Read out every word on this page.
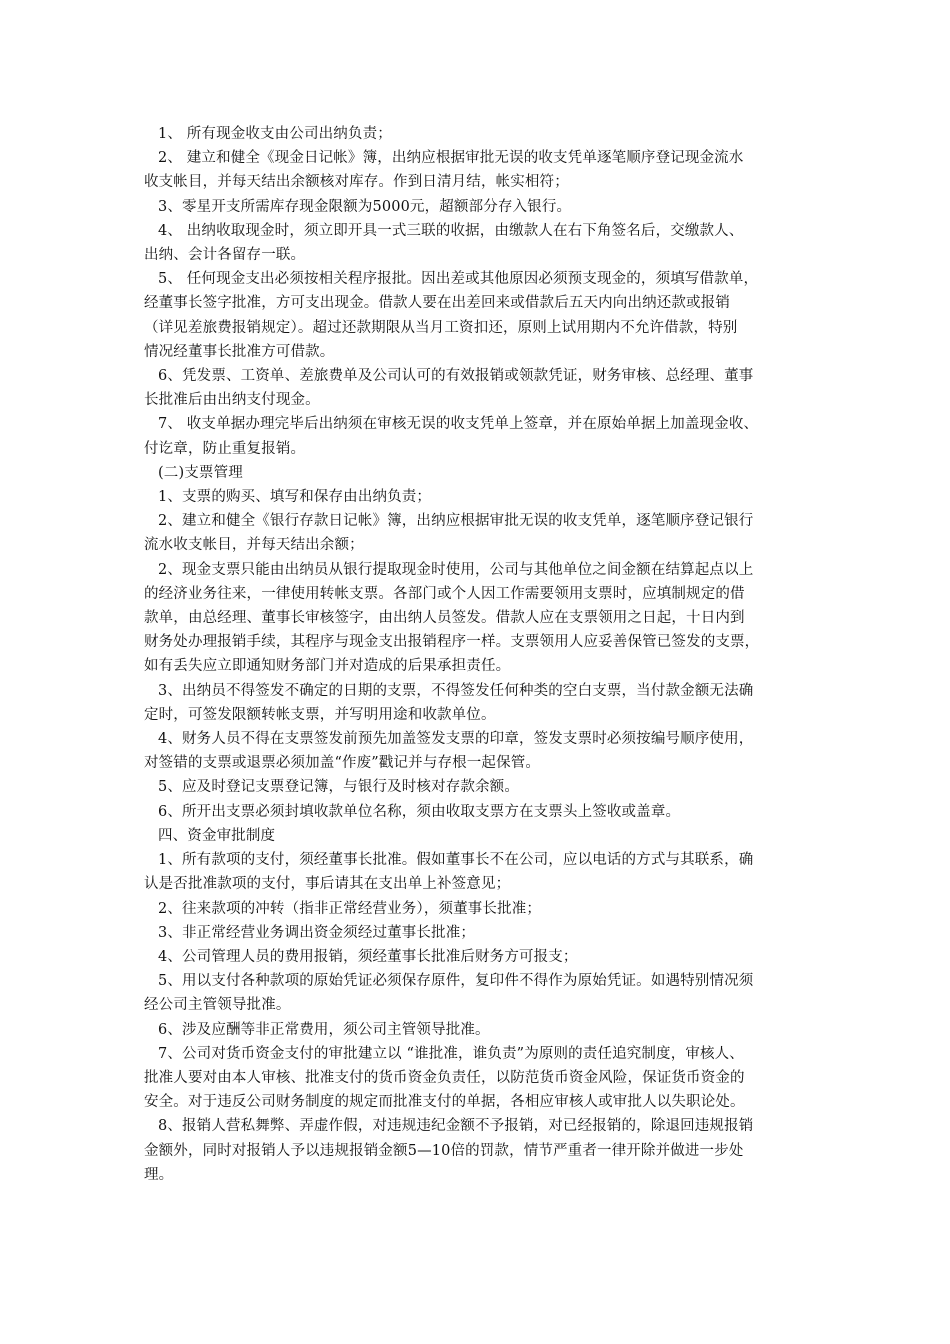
1、 所有现金收支由公司出纳负责；
2、 建立和健全《现金日记帐》簿，出纳应根据审批无误的收支凭单逐笔顺序登记现金流水
收支帐目，并每天结出余额核对库存。作到日清月结，帐实相符；
3、零星开支所需库存现金限额为5000元，超额部分存入银行。
4、 出纳收取现金时，须立即开具一式三联的收据，由缴款人在右下角签名后，交缴款人、
出纳、会计各留存一联。
5、 任何现金支出必须按相关程序报批。因出差或其他原因必须预支现金的，须填写借款单，
经董事长签字批准，方可支出现金。借款人要在出差回来或借款后五天内向出纳还款或报销
（详见差旅费报销规定）。超过还款期限从当月工资扣还，原则上试用期内不允许借款，特别
情况经董事长批准方可借款。
6、凭发票、工资单、差旅费单及公司认可的有效报销或领款凭证，财务审核、总经理、董事
长批准后由出纳支付现金。
7、 收支单据办理完毕后出纳须在审核无误的收支凭单上签章，并在原始单据上加盖现金收、
付讫章，防止重复报销。
(二)支票管理
1、支票的购买、填写和保存由出纳负责；
2、建立和健全《银行存款日记帐》簿，出纳应根据审批无误的收支凭单，逐笔顺序登记银行
流水收支帐目，并每天结出余额；
2、现金支票只能由出纳员从银行提取现金时使用，公司与其他单位之间金额在结算起点以上
的经济业务往来，一律使用转帐支票。各部门或个人因工作需要领用支票时，应填制规定的借
款单，由总经理、董事长审核签字，由出纳人员签发。借款人应在支票领用之日起，十日内到
财务处办理报销手续，其程序与现金支出报销程序一样。支票领用人应妥善保管已签发的支票，
如有丢失应立即通知财务部门并对造成的后果承担责任。
3、出纳员不得签发不确定的日期的支票，不得签发任何种类的空白支票，当付款金额无法确
定时，可签发限额转帐支票，并写明用途和收款单位。
4、财务人员不得在支票签发前预先加盖签发支票的印章，签发支票时必须按编号顺序使用，
对签错的支票或退票必须加盖“作废”戳记并与存根一起保管。
5、应及时登记支票登记簿，与银行及时核对存款余额。
6、所开出支票必须封填收款单位名称，须由收取支票方在支票头上签收或盖章。
四、资金审批制度
1、所有款项的支付，须经董事长批准。假如董事长不在公司，应以电话的方式与其联系，确
认是否批准款项的支付，事后请其在支出单上补签意见；
2、往来款项的冲转（指非正常经营业务），须董事长批准；
3、非正常经营业务调出资金须经过董事长批准；
4、公司管理人员的费用报销，须经董事长批准后财务方可报支；
5、用以支付各种款项的原始凭证必须保存原件，复印件不得作为原始凭证。如遇特别情况须
经公司主管领导批准。
6、涉及应酬等非正常费用，须公司主管领导批准。
7、公司对货币资金支付的审批建立以 “谁批准，谁负责”为原则的责任追究制度，审核人、
批准人要对由本人审核、批准支付的货币资金负责任，以防范货币资金风险，保证货币资金的
安全。对于违反公司财务制度的规定而批准支付的单据，各相应审核人或审批人以失职论处。
8、报销人营私舞弊、弄虚作假，对违规违纪金额不予报销，对已经报销的，除退回违规报销
金额外，同时对报销人予以违规报销金额5—10倍的罚款，情节严重者一律开除并做进一步处
理。
